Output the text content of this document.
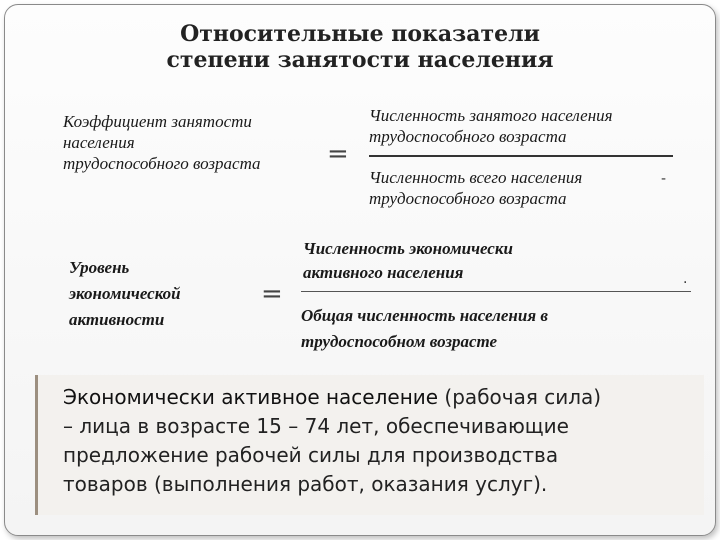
Относительные показатели
степени занятости населения
Коэффициент занятости
населения
трудоспособного возраста	=
Численность занятого населения
трудоспособного возраста
Численность всего населения
трудоспособного возраста
-
Уровень
экономической
активности
=
Численность экономически
активного населения
Общая численность населения в
трудоспособном возрасте
.
Экономически активное население (рабочая сила)
– лица в возрасте 15 – 74 лет, обеспечивающие
предложение рабочей силы для производства
товаров (выполнения работ, оказания услуг).
